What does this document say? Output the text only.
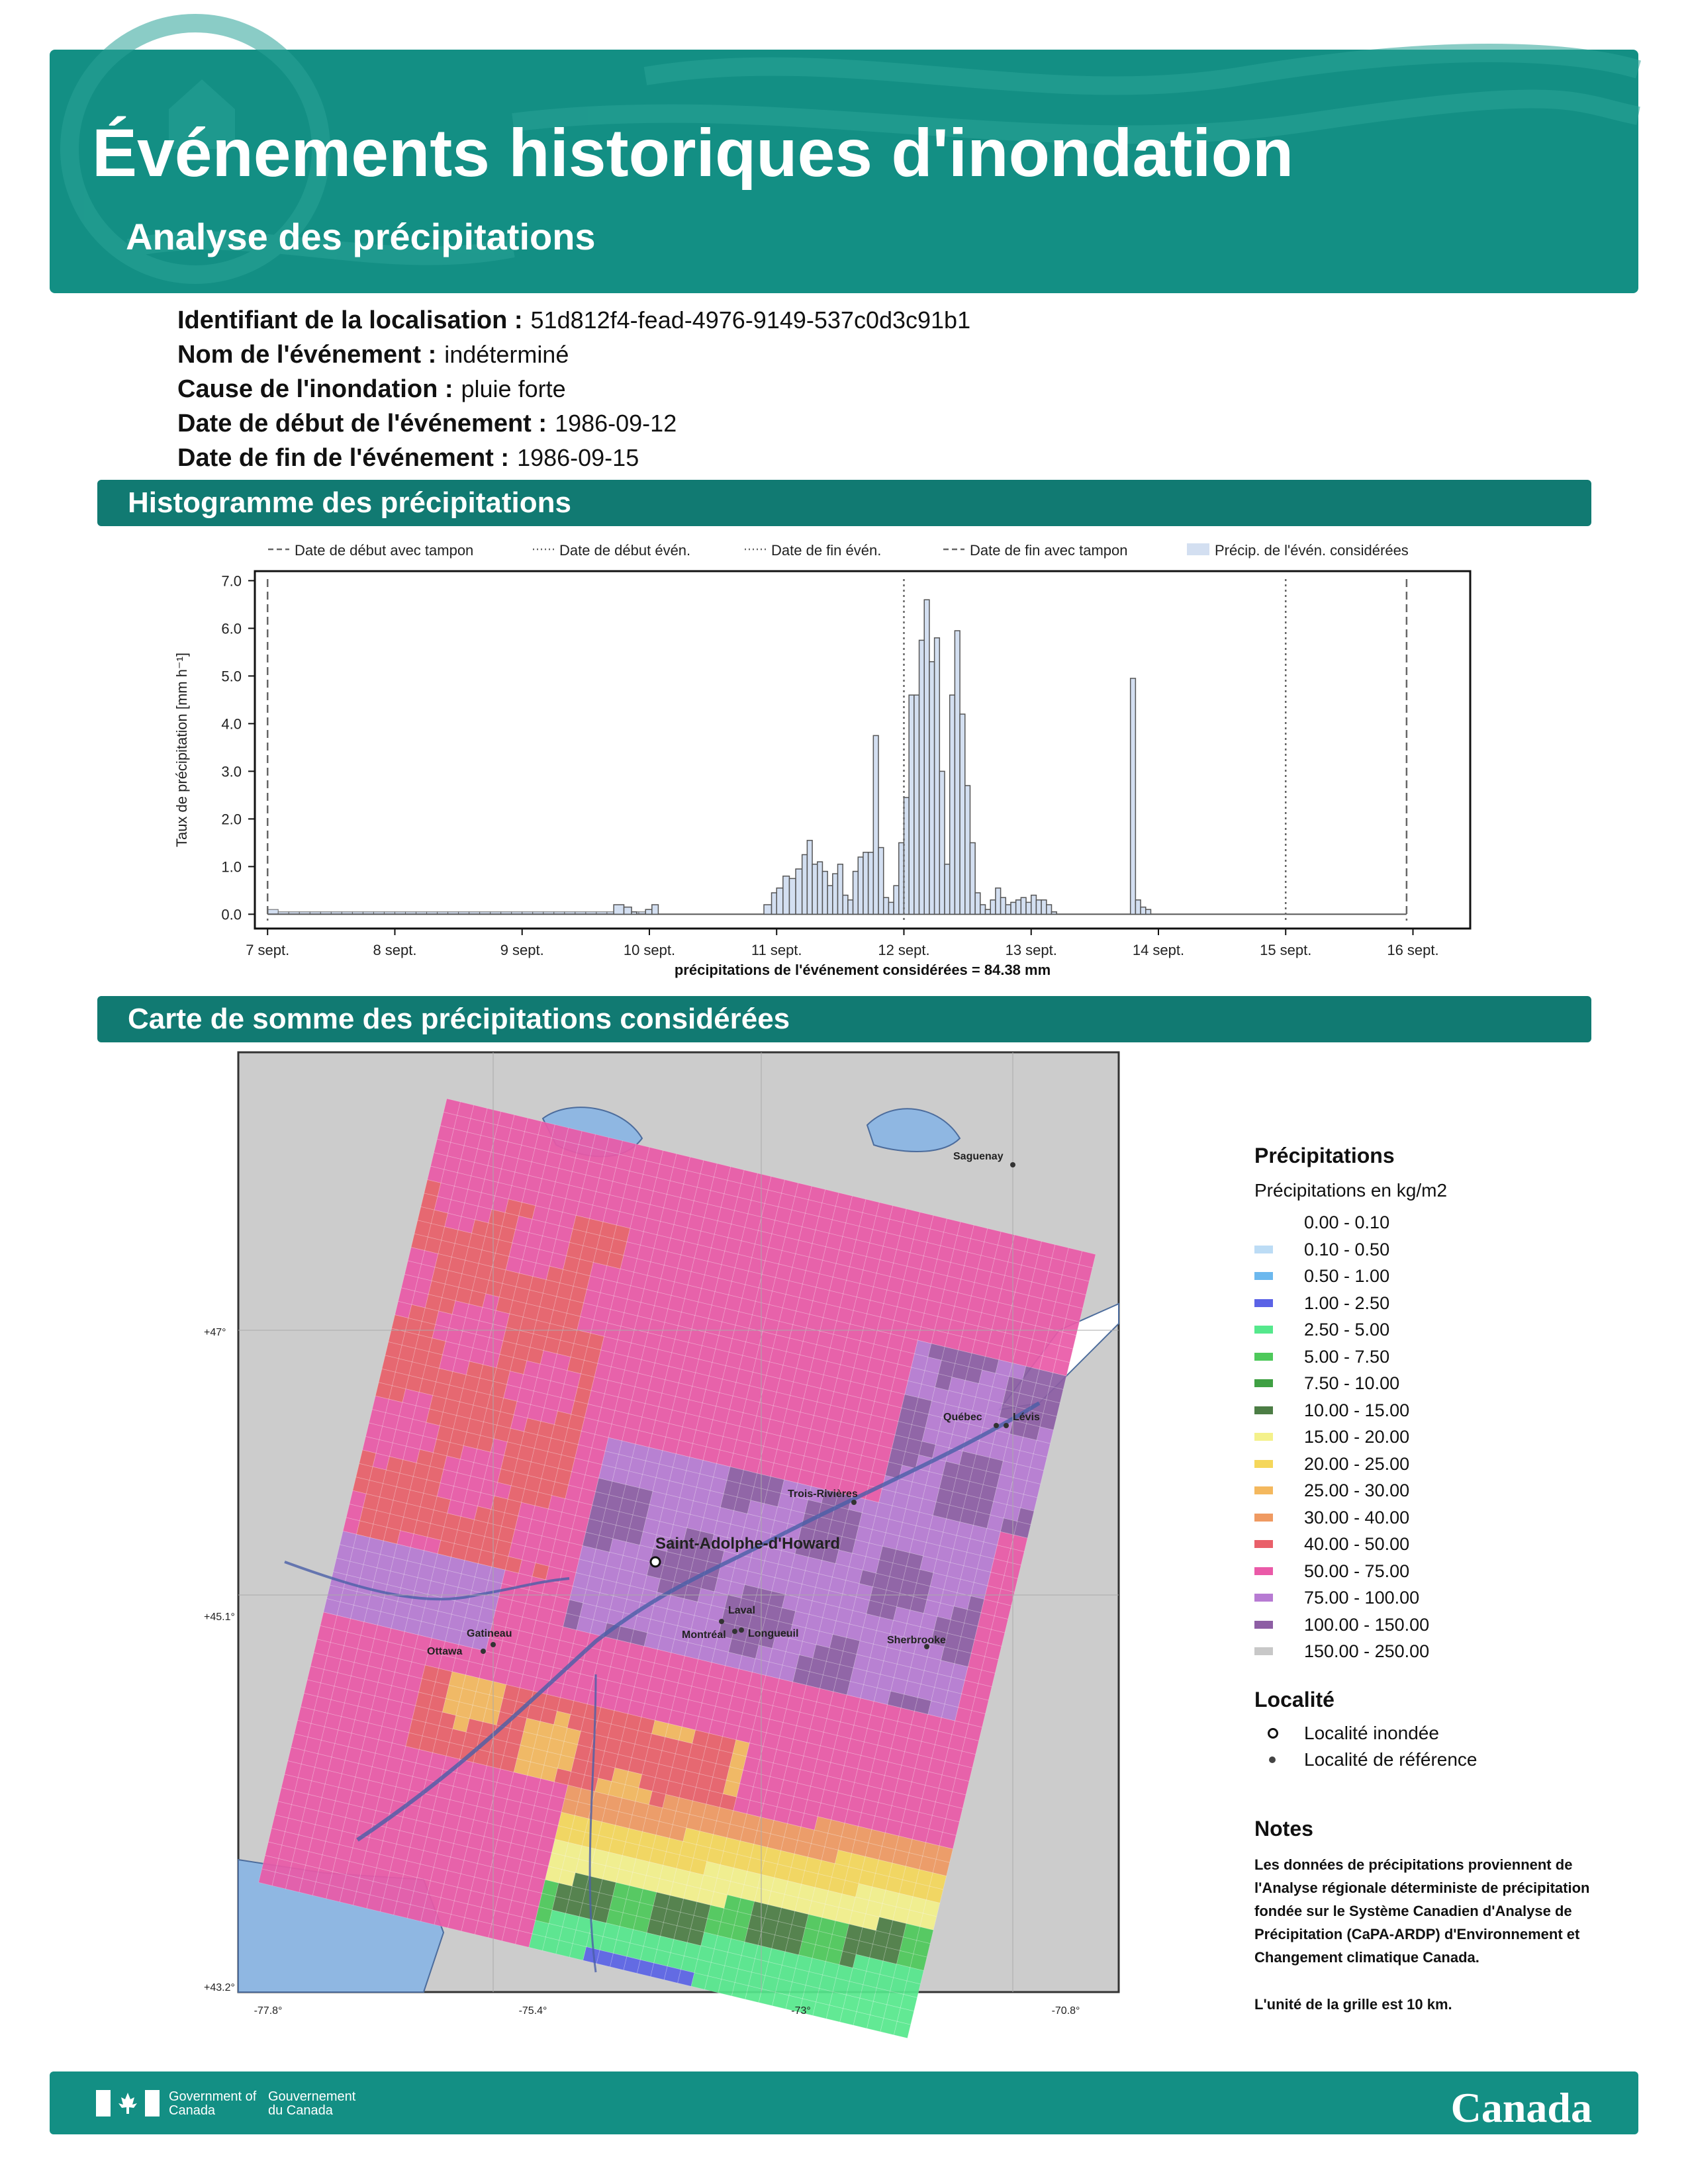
Événements historiques d'inondation
Analyse des précipitations
Identifiant de la localisation : 51d812f4-fead-4976-9149-537c0d3c91b1
Nom de l'événement : indéterminé
Cause de l'inondation : pluie forte
Date de début de l'événement : 1986-09-12
Date de fin de l'événement : 1986-09-15
Histogramme des précipitations
Date de début avec tampon	Date de début évén.	Date de fin évén.	Date de fin avec tampon	Précip. de l'évén. considérées
0.0
1.0
2.0
3.0
4.0
5.0
6.0
7.0
Taux de précipitation [mm h⁻¹]
7 sept.	8 sept.	9 sept.	10 sept.	11 sept.	12 sept.	13 sept.	14 sept.	15 sept.	16 sept.
précipitations de l'événement considérées = 84.38 mm
Carte de somme des précipitations considérées
+47°
+45.1°
+43.2°
-77.8°	-75.4°	-73°	-70.8°
Saguenay
Québec	Lévis
Trois-Rivières
Saint-Adolphe-d'Howard
Gatineau
Ottawa
Laval
Montréal Longueuil
Sherbrooke

Précipitations

Précipitations en kg/m2

0.00 - 0.10
0.10 - 0.50
0.50 - 1.00
1.00 - 2.50
2.50 - 5.00
5.00 - 7.50
7.50 - 10.00
10.00 - 15.00
15.00 - 20.00
20.00 - 25.00
25.00 - 30.00
30.00 - 40.00
40.00 - 50.00
50.00 - 75.00
75.00 - 100.00
100.00 - 150.00
150.00 - 250.00

Localité

Localité inondée
Localité de référence

Notes

Les données de précipitations proviennent de l'Analyse régionale déterministe de précipitation fondée sur le Système Canadien d'Analyse de Précipitation (CaPA-ARDP) d'Environnement et Changement climatique Canada.

L'unité de la grille est 10 km.

Government of Canada
Gouvernement du Canada	Canada
